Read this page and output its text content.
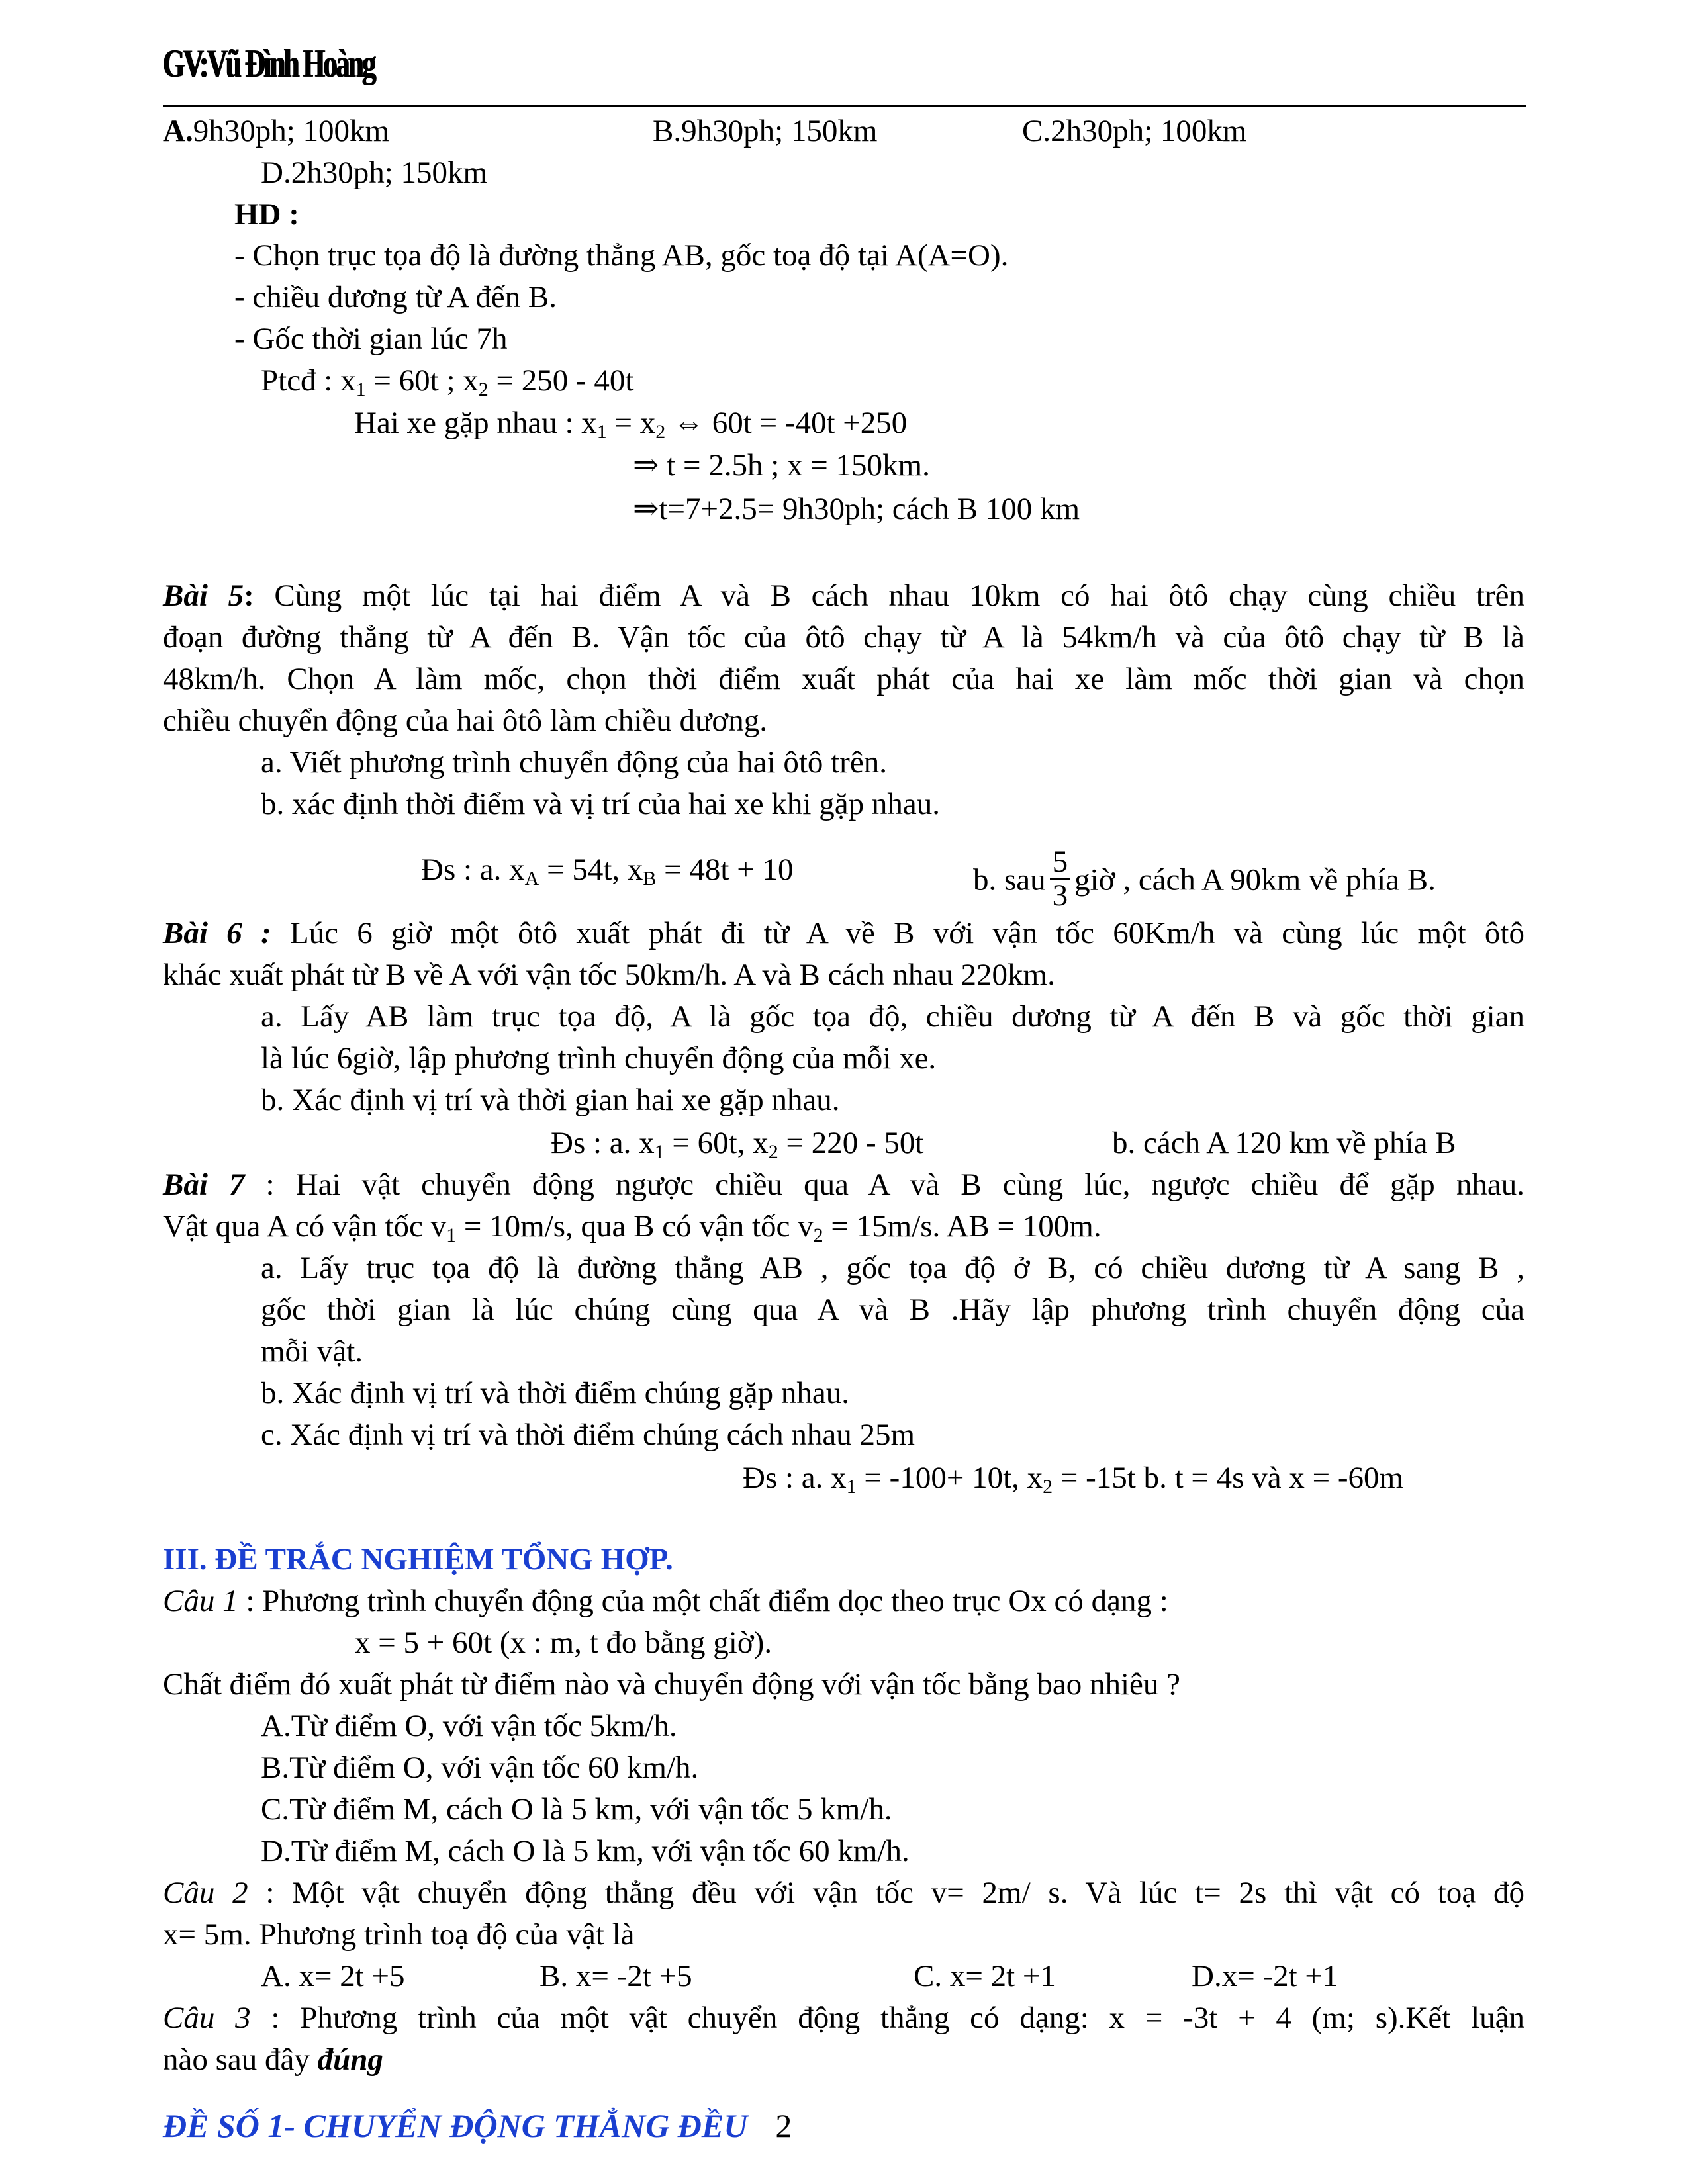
GV:Vũ Đình Hoàng
A.9h30ph; 100km	B.9h30ph; 150km	C.2h30ph; 100km
D.2h30ph; 150km
HD :
- Chọn trục tọa độ là đường thẳng AB, gốc toạ độ tại A(A=O).
- chiều dương từ A đến B.
- Gốc thời gian lúc 7h
Ptcđ : $x_1 = 60t$ ; $x_2 = 250 - 40t$
Hai xe gặp nhau : $x_1 = x_2$ ⇔ 60t = -40t +250
⇒ t = 2.5h ; x = 150km.
⇒t=7+2.5= 9h30ph; cách B 100 km
Bài 5: Cùng một lúc tại hai điểm A và B cách nhau 10km có hai ôtô chạy cùng chiều trên
đoạn đường thẳng từ A đến B. Vận tốc của ôtô chạy từ A là 54km/h và của ôtô chạy từ B là
48km/h. Chọn A làm mốc, chọn thời điểm xuất phát của hai xe làm mốc thời gian và chọn
chiều chuyển động của hai ôtô làm chiều dương.
a. Viết phương trình chuyển động của hai ôtô trên.
b. xác định thời điểm và vị trí của hai xe khi gặp nhau.
Đs : a. $x_A = 54t$, $x_B = 48t + 10$	b. sau $\frac{5}{3}$ giờ , cách A 90km về phía B.
Bài 6 : Lúc 6 giờ một ôtô xuất phát đi từ A về B với vận tốc 60Km/h và cùng lúc một ôtô
khác xuất phát từ B về A với vận tốc 50km/h. A và B cách nhau 220km.
a. Lấy AB làm trục tọa độ, A là gốc tọa độ, chiều dương từ A đến B và gốc thời gian
là lúc 6giờ, lập phương trình chuyển động của mỗi xe.
b. Xác định vị trí và thời gian hai xe gặp nhau.
Đs : a. $x_1 = 60t$, $x_2 = 220 - 50t$	b. cách A 120 km về phía B
Bài 7 : Hai vật chuyển động ngược chiều qua A và B cùng lúc, ngược chiều để gặp nhau.
Vật qua A có vận tốc $v_1 = 10m/s$, qua B có vận tốc $v_2 = 15m/s$. AB = 100m.
a. Lấy trục tọa độ là đường thẳng AB , gốc tọa độ ở B, có chiều dương từ A sang B ,
gốc thời gian là lúc chúng cùng qua A và B .Hãy lập phương trình chuyển động của
mỗi vật.
b. Xác định vị trí và thời điểm chúng gặp nhau.
c. Xác định vị trí và thời điểm chúng cách nhau 25m
Đs : a. $x_1 = -100+ 10t$, $x_2 = -15t$ b. t = 4s và x = -60m
III. ĐỀ TRẮC NGHIỆM TỔNG HỢP.
Câu 1 : Phương trình chuyển động của một chất điểm dọc theo trục Ox có dạng :
x = 5 + 60t (x : m, t đo bằng giờ).
Chất điểm đó xuất phát từ điểm nào và chuyển động với vận tốc bằng bao nhiêu ?
A.Từ điểm O, với vận tốc 5km/h.
B.Từ điểm O, với vận tốc 60 km/h.
C.Từ điểm M, cách O là 5 km, với vận tốc 5 km/h.
D.Từ điểm M, cách O là 5 km, với vận tốc 60 km/h.
Câu 2 : Một vật chuyển động thẳng đều với vận tốc v= 2m/ s. Và lúc t= 2s thì vật có toạ độ
x= 5m. Phương trình toạ độ của vật là
A. x= 2t +5	B. x= -2t +5	C. x= 2t +1	D.x= -2t +1
Câu 3 : Phương trình của một vật chuyển động thẳng có dạng: x = -3t + 4 (m; s).Kết luận
nào sau đây đúng
ĐỀ SỐ 1- CHUYỂN ĐỘNG THẲNG ĐỀU 2
